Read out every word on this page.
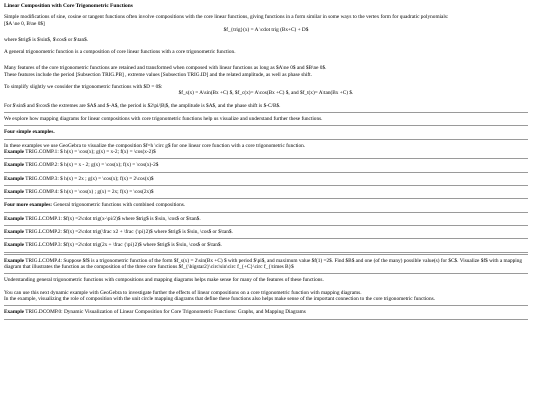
Linear Composition with Core Trigonometric Functions

Simple modifications of sine, cosine or tangent functions often involve compositions with the core linear functions, giving functions in a form similar in some ways to the vertex form for quadratic polynomials:

[$A \ne 0, B\ne 0$]

$f_{trig}(x) = A \cdot trig (Bx+C) + D$

where $trig$ is $\sin$, $\cos$ or $\tan$.

A general trigonometric function is a composition of core linear functions with a core trigonometric function.

Many features of the core trigonometric functions are retained and transformed when composed with linear functions as long as $A\ne 0$ and $B\ne 0$.

These features include the period [Subsection TRIG.PB] , extreme values [Subsection TRIG.ID] and the related amplitude, as well as phase shift.

To simplify slightly we consider the trigonometric functions with $D = 0$:

$f_s(x) = A\sin(Bx +C) $, $f_c(x)= A\cos(Bx +C) $, and $f_t(x)= A\tan(Bx +C) $.

For $\sin$ and $\cos$ the extremes are $A$ and $-A$, the period is $2\pi/|B|$, the amplitude is $A$, and the phase shift is $-C/B$.

We explore how mapping diagrams for linear compositions with core trigonometric functions help us visualize and understand further these functions.

Four simple examples.

In these examples we use GeoGebra to visualize the composition $f=h \circ g$ for one linear core function with a core trigonometric function.

Example TRIG.COMP.1: $ h(x) = \cos(x); g(x) = x-2; f(x) = \cos(x-2)$

Example TRIG.COMP.2: $ h(x) = x - 2; g(x) = \cos(x); f(x) = \cos(x)-2$

Example TRIG.COMP.3: $ h(x) = 2x ; g(x) = \cos(x); f(x) = 2\cos(x)$

Example TRIG.COMP.4: $ h(x) = \cos(x) ; g(x) = 2x; f(x) = \cos(2x)$

Four more examples: General trigonometric functions with combined compositions.

Example TRIG.LCOMP.1: $f(x) =2\cdot trig(x-\pi/2)$ where $trig$ is $\sin, \cos$ or $\tan$.

Example TRIG.LCOMP.2: $f(x) =2\cdot trig(\frac x2 + \frac {\pi}2)$ where $trig$ is $\sin, \cos$ or $\tan$.

Example TRIG.LCOMP.3: $f(x) =2\cdot trig(2x + \frac {\pi}2)$ where $trig$ is $\sin, \cos$ or $\tan$.

Example TRIG.LCOMP.4: Suppose $f$ is a trigonometric function of the form $f_s(x) = 2\sin(Bx +C) $ with period $\pi$, and maximum value $f(1) =2$. Find $B$ and one (of the many) possible value(s) for $C$. Visualize $f$ with a mapping diagram that illustrates the function as the composition of the three core functions $f_{\bigstar2}\circ\sin\circ f_{+C}\circ f_{\times B}$

Understanding general trigonometric functions with compositions and mapping diagrams helps make sense for many of the features of these functions.

You can use this next dynamic example with GeoGebra to investigate further the effects of linear compositions on a core trigonometric function with mapping diagrams.

In the example, visualizing the role of composition with the unit circle mapping diagrams that define these functions also helps make sense of the important connection to the core trigonometric functions.

Example TRIG.DCOMP.0: Dynamic Visualization of Linear Composition for Core Trigonometric Functions: Graphs, and Mapping Diagrams
